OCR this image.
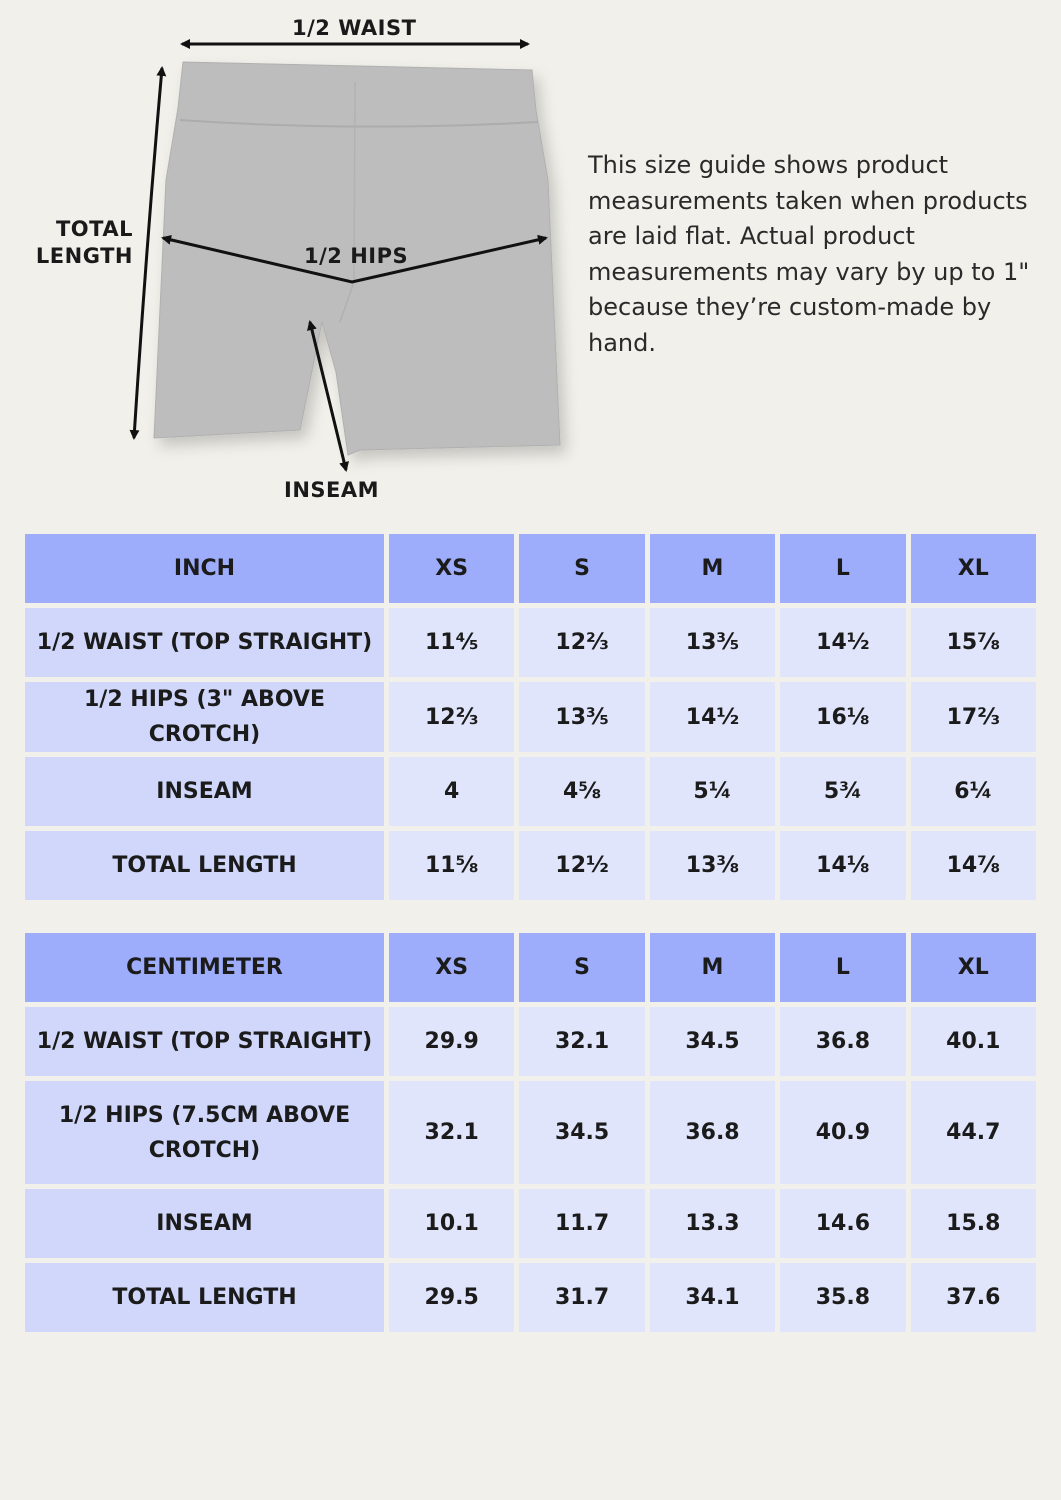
1/2 WAIST
TOTAL
LENGTH	1/2 HIPS
INSEAM

This size guide shows product measurements taken when products are laid flat. Actual product measurements may vary by up to 1" because they’re custom-made by hand.

INCH	XS	S	M	L	XL
1/2 WAIST (TOP STRAIGHT)	11⅘	12⅔	13⅗	14½	15⅞
1/2 HIPS (3" ABOVE CROTCH)	12⅔	13⅗	14½	16⅛	17⅔
INSEAM	4	4⅝	5¼	5¾	6¼
TOTAL LENGTH	11⅝	12½	13⅜	14⅛	14⅞
CENTIMETER	XS	S	M	L	XL
1/2 WAIST (TOP STRAIGHT)	29.9	32.1	34.5	36.8	40.1
1/2 HIPS (7.5CM ABOVE CROTCH)	32.1	34.5	36.8	40.9	44.7
INSEAM	10.1	11.7	13.3	14.6	15.8
TOTAL LENGTH	29.5	31.7	34.1	35.8	37.6
